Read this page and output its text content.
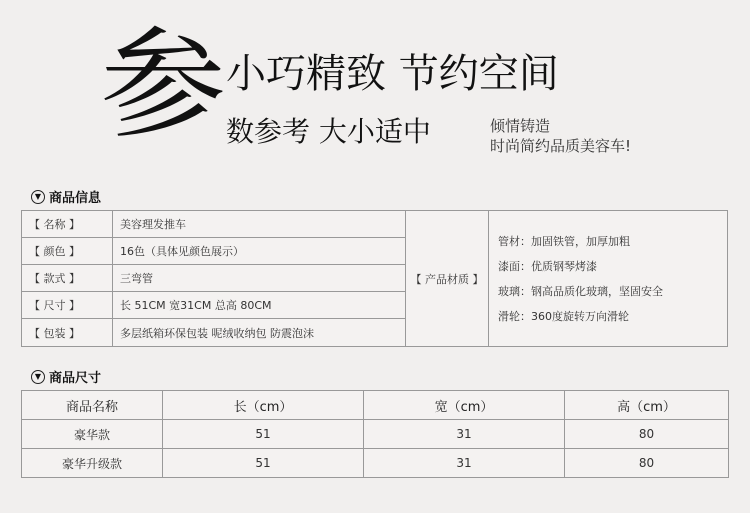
参 小巧精致 节约空间
数参考 大小适中	倾情铸造
时尚简约品质美容车!
▼ 商品信息
【 名称 】	美容理发推车
【 颜色 】	16色（具体见颜色展示）
【 款式 】	三弯管
【 尺寸 】	长 51CM 宽31CM 总高 80CM
【 包装 】	多层纸箱环保包装 呢绒收纳包 防震泡沫
【 产品材质 】
管材：加固铁管，加厚加粗
漆面：优质钢琴烤漆
玻璃：钢高品质化玻璃，坚固安全
滑轮：360度旋转万向滑轮
▼ 商品尺寸
商品名称	长（cm）	宽（cm）	高（cm）
豪华款	51	31	80
豪华升级款	51	31	80
